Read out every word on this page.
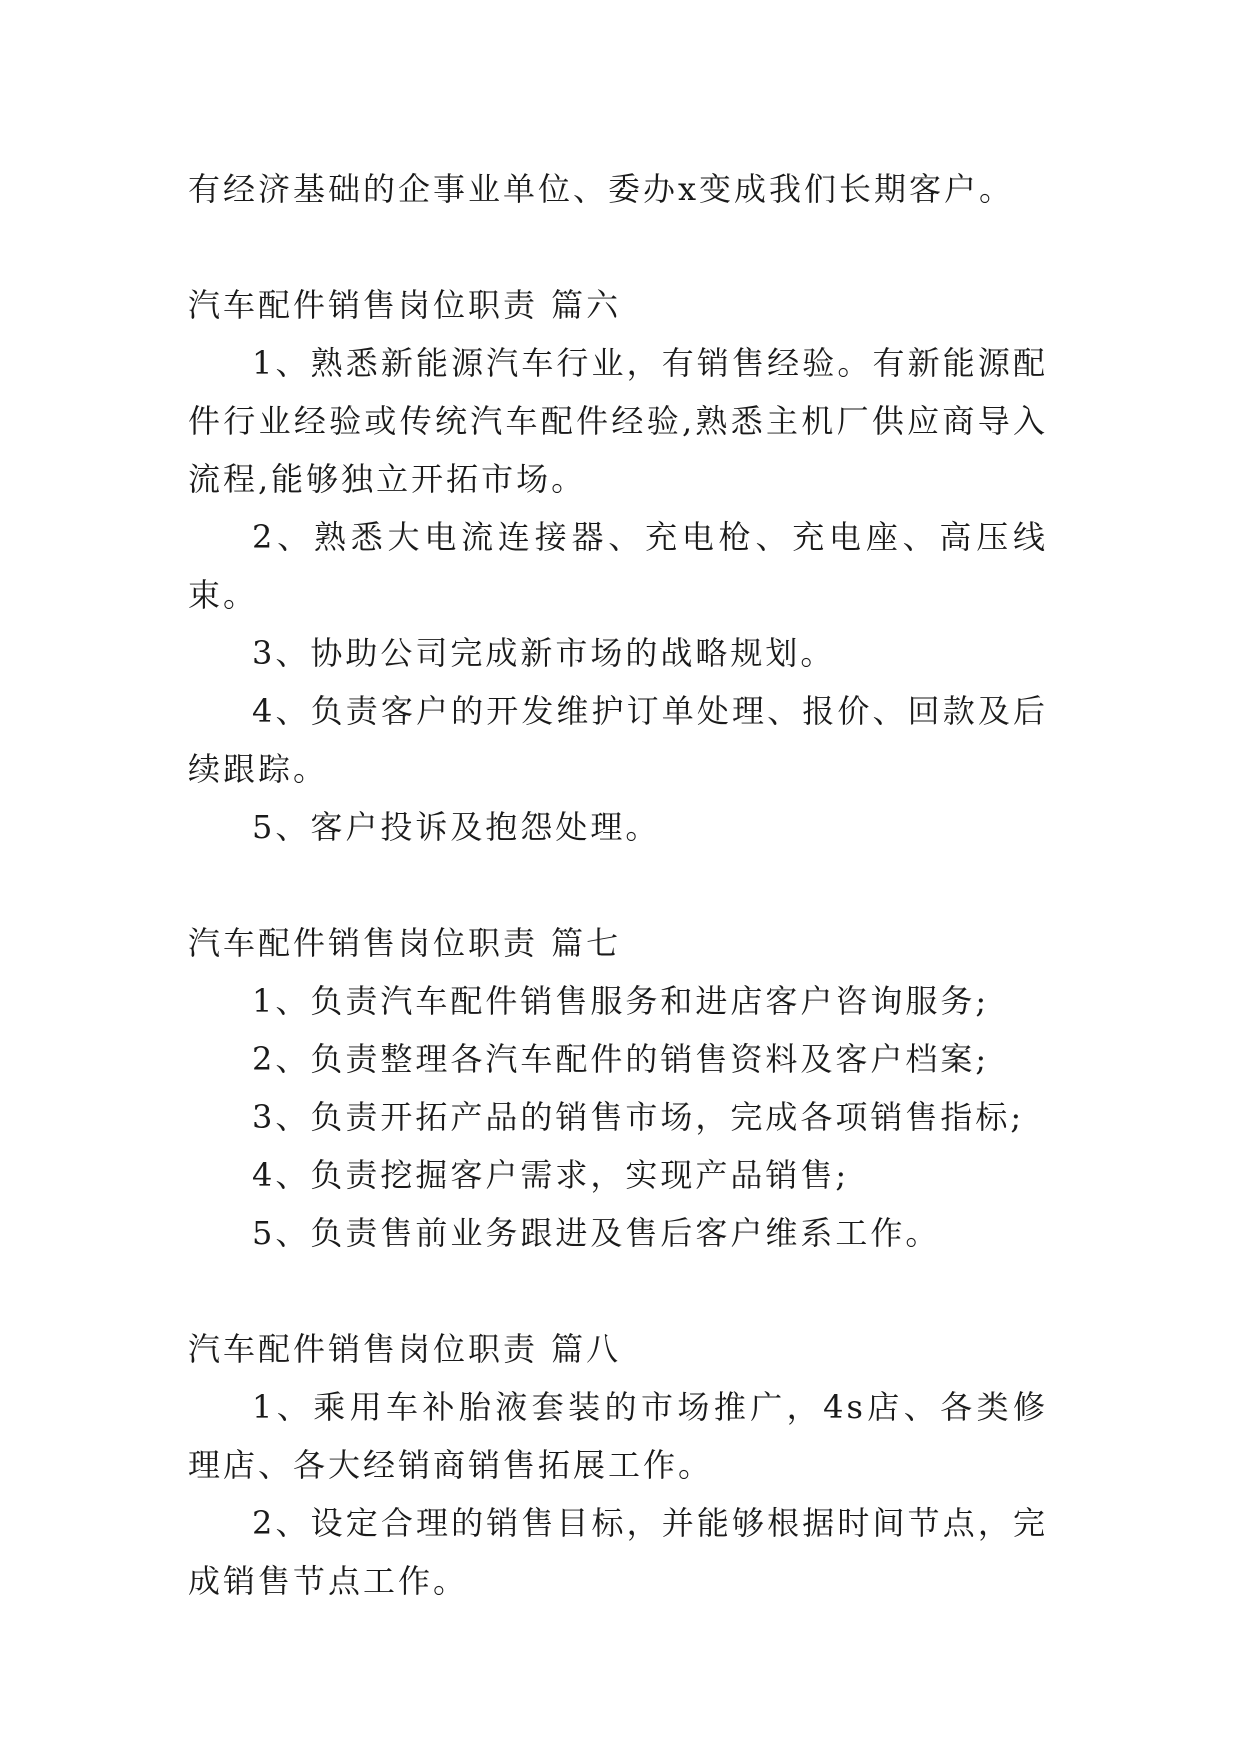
有经济基础的企事业单位、委办x变成我们长期客户。

汽车配件销售岗位职责 篇六

1、熟悉新能源汽车行业，有销售经验。有新能源配件行业经验或传统汽车配件经验,熟悉主机厂供应商导入流程,能够独立开拓市场。

2、熟悉大电流连接器、充电枪、充电座、高压线束。

3、协助公司完成新市场的战略规划。

4、负责客户的开发维护订单处理、报价、回款及后续跟踪。

5、客户投诉及抱怨处理。

汽车配件销售岗位职责 篇七

1、负责汽车配件销售服务和进店客户咨询服务;

2、负责整理各汽车配件的销售资料及客户档案;

3、负责开拓产品的销售市场，完成各项销售指标;

4、负责挖掘客户需求，实现产品销售;

5、负责售前业务跟进及售后客户维系工作。

汽车配件销售岗位职责 篇八

1、乘用车补胎液套装的市场推广，4s店、各类修理店、各大经销商销售拓展工作。

2、设定合理的销售目标，并能够根据时间节点，完成销售节点工作。
